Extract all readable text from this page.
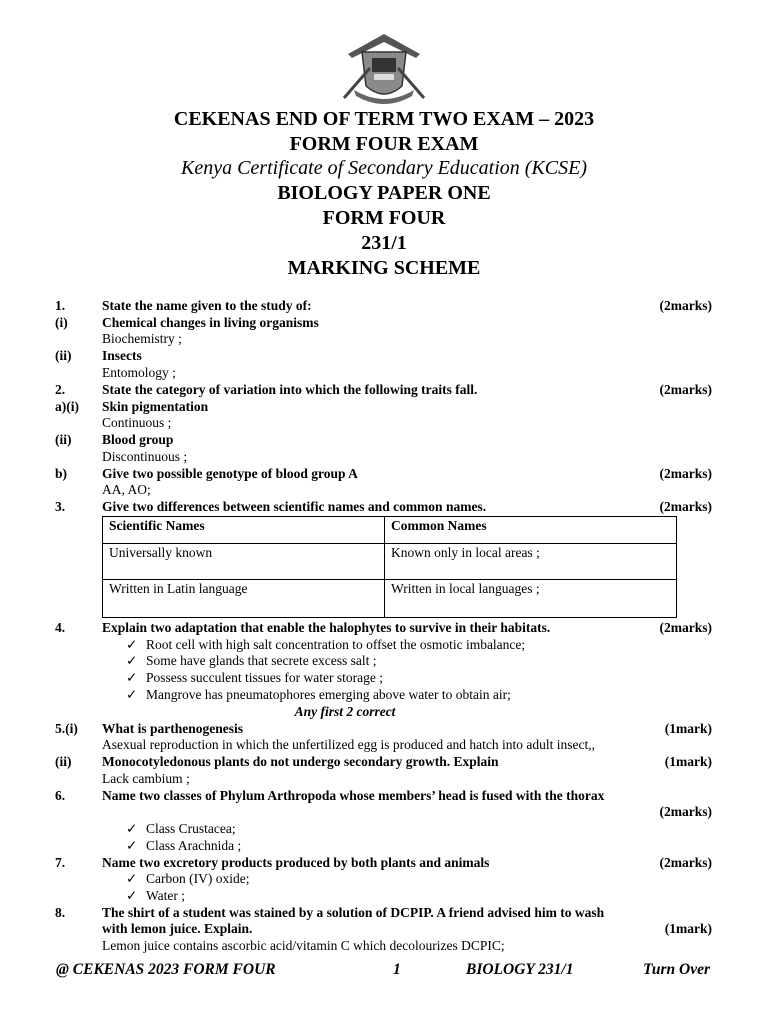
CEKENAS END OF TERM TWO EXAM – 2023
FORM FOUR EXAM
Kenya Certificate of Secondary Education (KCSE)
BIOLOGY PAPER ONE
FORM FOUR
231/1
MARKING SCHEME
1.	State the name given to the study of:	(2marks)
(i)	Chemical changes in living organisms
Biochemistry ;
(ii) Insects
Entomology ;
2.	State the category of variation into which the following traits fall.	(2marks)
a)(i) Skin pigmentation
Continuous ;
(ii) Blood group
Discontinuous ;
b)	Give two possible genotype of blood group A	(2marks)
AA, AO;
3.	Give two differences between scientific names and common names.	(2marks)
Scientific Names	Common Names
Universally known	Known only in local areas ;
Written in Latin language	Written in local languages ;
4.	Explain two adaptation that enable the halophytes to survive in their habitats.	(2marks)
✓ Root cell with high salt concentration to offset the osmotic imbalance;
✓ Some have glands that secrete excess salt ;
✓ Possess succulent tissues for water storage ;
✓ Mangrove has pneumatophores emerging above water to obtain air;
Any first 2 correct
5.(i) What is parthenogenesis	(1mark)
Asexual reproduction in which the unfertilized egg is produced and hatch into adult insect,,
(ii) Monocotyledonous plants do not undergo secondary growth. Explain	(1mark)
Lack cambium ;
6.	Name two classes of Phylum Arthropoda whose members’ head is fused with the thorax
(2marks)
✓ Class Crustacea;
✓ Class Arachnida ;
7.	Name two excretory products produced by both plants and animals	(2marks)
✓ Carbon (IV) oxide;
✓ Water ;
8.	The shirt of a student was stained by a solution of DCPIP. A friend advised him to wash
with lemon juice. Explain.	(1mark)
Lemon juice contains ascorbic acid/vitamin C which decolourizes DCPIC;
@ CEKENAS 2023 FORM FOUR	1	BIOLOGY 231/1	Turn Over
